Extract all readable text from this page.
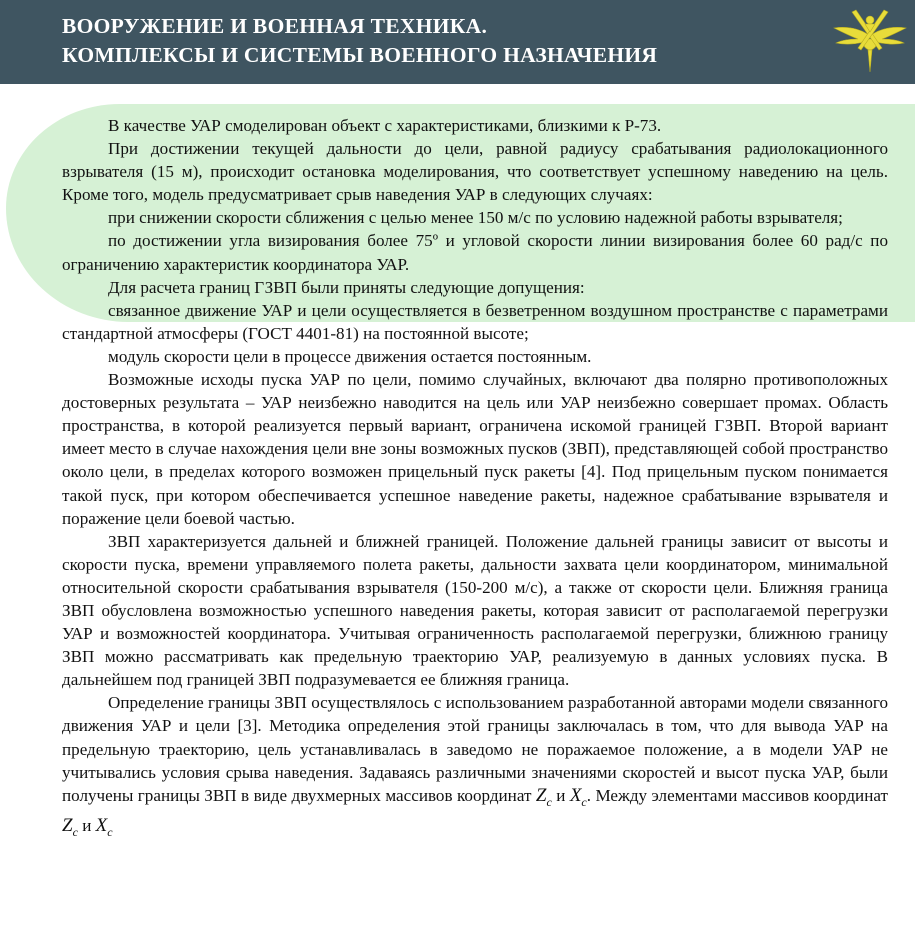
ВООРУЖЕНИЕ И ВОЕННАЯ ТЕХНИКА.
КОМПЛЕКСЫ И СИСТЕМЫ ВОЕННОГО НАЗНАЧЕНИЯ

В качестве УАР смоделирован объект с характеристиками, близкими к Р-73.

При достижении текущей дальности до цели, равной радиусу срабатывания радиолокационного взрывателя (15 м), происходит остановка моделирования, что соответствует успешному наведению на цель. Кроме того, модель предусматривает срыв наведения УАР в следующих случаях:

при снижении скорости сближения с целью менее 150 м/с по условию надежной работы взрывателя;

по достижении угла визирования более 75º и угловой скорости линии визирования более 60 рад/с по ограничению характеристик координатора УАР.

Для расчета границ ГЗВП были приняты следующие допущения:

связанное движение УАР и цели осуществляется в безветренном воздушном пространстве с параметрами стандартной атмосферы (ГОСТ 4401-81) на постоянной высоте;

модуль скорости цели в процессе движения остается постоянным.

Возможные исходы пуска УАР по цели, помимо случайных, включают два полярно противоположных достоверных результата – УАР неизбежно наводится на цель или УАР неизбежно совершает промах. Область пространства, в которой реализуется первый вариант, ограничена искомой границей ГЗВП. Второй вариант имеет место в случае нахождения цели вне зоны возможных пусков (ЗВП), представляющей собой пространство около цели, в пределах которого возможен прицельный пуск ракеты [4]. Под прицельным пуском понимается такой пуск, при котором обеспечивается успешное наведение ракеты, надежное срабатывание взрывателя и поражение цели боевой частью.

ЗВП характеризуется дальней и ближней границей. Положение дальней границы зависит от высоты и скорости пуска, времени управляемого полета ракеты, дальности захвата цели координатором, минимальной относительной скорости срабатывания взрывателя (150-200 м/с), а также от скорости цели. Ближняя граница ЗВП обусловлена возможностью успешного наведения ракеты, которая зависит от располагаемой перегрузки УАР и возможностей координатора. Учитывая ограниченность располагаемой перегрузки, ближнюю границу ЗВП можно рассматривать как предельную траекторию УАР, реализуемую в данных условиях пуска. В дальнейшем под границей ЗВП подразумевается ее ближняя граница.

Определение границы ЗВП осуществлялось с использованием разработанной авторами модели связанного движения УАР и цели [3]. Методика определения этой границы заключалась в том, что для вывода УАР на предельную траекторию, цель устанавливалась в заведомо не поражаемое положение, а в модели УАР не учитывались условия срыва наведения. Задаваясь различными значениями скоростей и высот пуска УАР, были получены границы ЗВП в виде двухмерных массивов координат $Z_c$ и $X_c$. Между элементами массивов координат $Z_c$ и $X_c$
